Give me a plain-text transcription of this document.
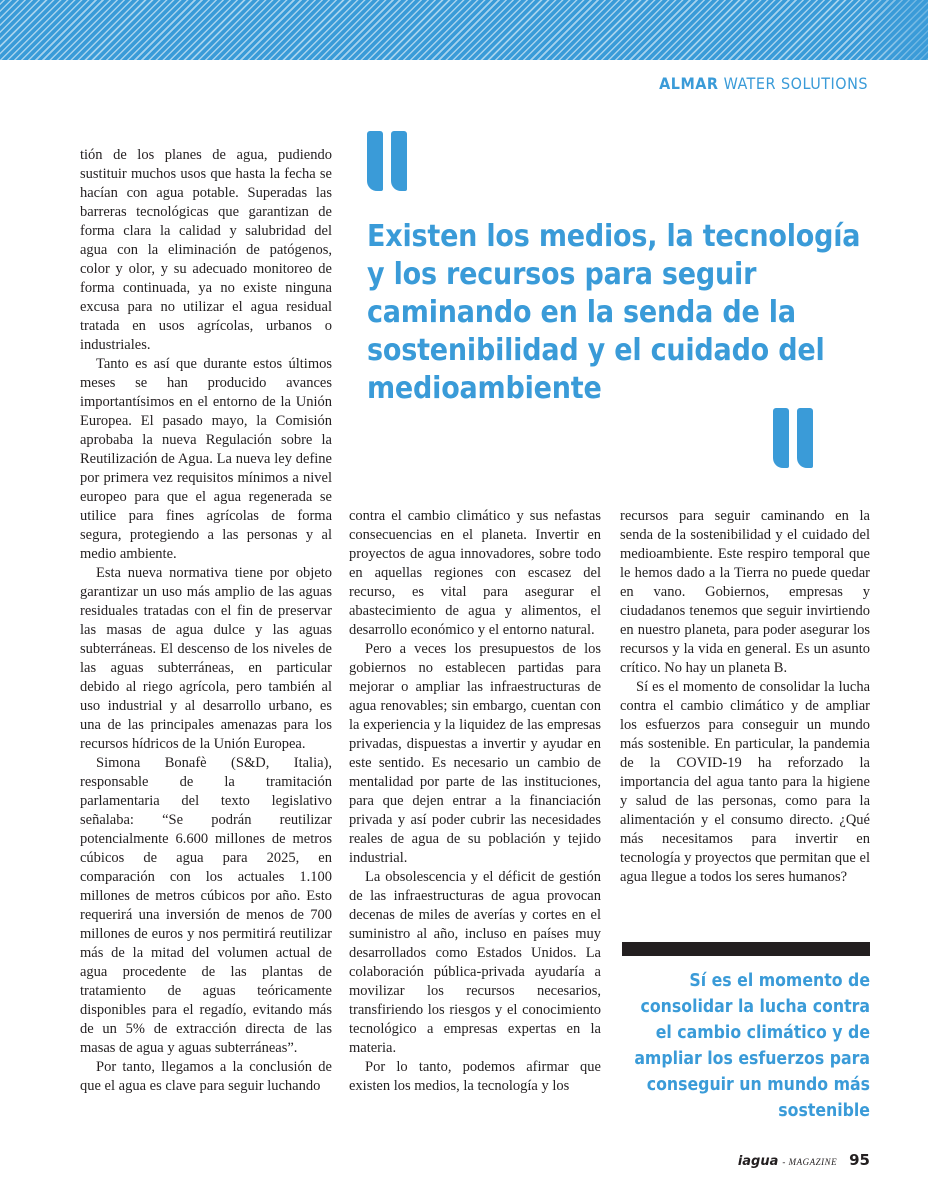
ALMAR WATER SOLUTIONS

tión de los planes de agua, pudiendo sustituir muchos usos que hasta la fecha se hacían con agua potable. Superadas las barreras tecnológicas que garantizan de forma clara la calidad y salubridad del agua con la eliminación de patógenos, color y olor, y su adecuado monitoreo de forma continuada, ya no existe ninguna excusa para no utilizar el agua residual tratada en usos agrícolas, urbanos o industriales.

Tanto es así que durante estos últimos meses se han producido avances importantísimos en el entorno de la Unión Europea. El pasado mayo, la Comisión aprobaba la nueva Regulación sobre la Reutilización de Agua. La nueva ley define por primera vez requisitos mínimos a nivel europeo para que el agua regenerada se utilice para fines agrícolas de forma segura, protegiendo a las personas y al medio ambiente.

Esta nueva normativa tiene por objeto garantizar un uso más amplio de las aguas residuales tratadas con el fin de preservar las masas de agua dulce y las aguas subterráneas. El descenso de los niveles de las aguas subterráneas, en particular debido al riego agrícola, pero también al uso industrial y al desarrollo urbano, es una de las principales amenazas para los recursos hídricos de la Unión Europea.

Simona Bonafè (S&D, Italia), responsable de la tramitación parlamentaria del texto legislativo señalaba: “Se podrán reutilizar potencialmente 6.600 millones de metros cúbicos de agua para 2025, en comparación con los actuales 1.100 millones de metros cúbicos por año. Esto requerirá una inversión de menos de 700 millones de euros y nos permitirá reutilizar más de la mitad del volumen actual de agua procedente de las plantas de tratamiento de aguas teóricamente disponibles para el regadío, evitando más de un 5% de extracción directa de las masas de agua y aguas subterráneas”.

Por tanto, llegamos a la conclusión de que el agua es clave para seguir luchando

Existen los medios, la tecnología y los recursos para seguir caminando en la senda de la sostenibilidad y el cuidado del medioambiente

contra el cambio climático y sus nefastas consecuencias en el planeta. Invertir en proyectos de agua innovadores, sobre todo en aquellas regiones con escasez del recurso, es vital para asegurar el abastecimiento de agua y alimentos, el desarrollo económico y el entorno natural.

Pero a veces los presupuestos de los gobiernos no establecen partidas para mejorar o ampliar las infraestructuras de agua renovables; sin embargo, cuentan con la experiencia y la liquidez de las empresas privadas, dispuestas a invertir y ayudar en este sentido. Es necesario un cambio de mentalidad por parte de las instituciones, para que dejen entrar a la financiación privada y así poder cubrir las necesidades reales de agua de su población y tejido industrial.

La obsolescencia y el déficit de gestión de las infraestructuras de agua provocan decenas de miles de averías y cortes en el suministro al año, incluso en países muy desarrollados como Estados Unidos. La colaboración pública-privada ayudaría a movilizar los recursos necesarios, transfiriendo los riesgos y el conocimiento tecnológico a empresas expertas en la materia.

Por lo tanto, podemos afirmar que existen los medios, la tecnología y los

recursos para seguir caminando en la senda de la sostenibilidad y el cuidado del medioambiente. Este respiro temporal que le hemos dado a la Tierra no puede quedar en vano. Gobiernos, empresas y ciudadanos tenemos que seguir invirtiendo en nuestro planeta, para poder asegurar los recursos y la vida en general. Es un asunto crítico. No hay un planeta B.

Sí es el momento de consolidar la lucha contra el cambio climático y de ampliar los esfuerzos para conseguir un mundo más sostenible. En particular, la pandemia de la COVID-19 ha reforzado la importancia del agua tanto para la higiene y salud de las personas, como para la alimentación y el consumo directo. ¿Qué más necesitamos para invertir en tecnología y proyectos que permitan que el agua llegue a todos los seres humanos?

Sí es el momento de consolidar la lucha contra el cambio climático y de ampliar los esfuerzos para conseguir un mundo más sostenible
iagua - MAGAZINE 95
